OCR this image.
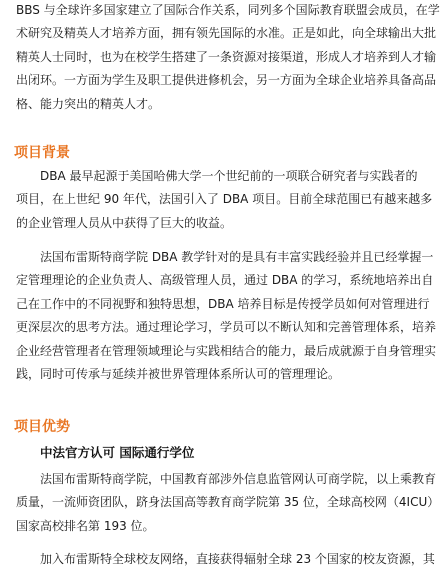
BBS 与全球许多国家建立了国际合作关系，同列多个国际教育联盟会成员，在学
术研究及精英人才培养方面，拥有领先国际的水准。正是如此，向全球输出大批
精英人士同时，也为在校学生搭建了一条资源对接渠道，形成人才培养到人才输
出闭环。一方面为学生及职工提供进修机会，另一方面为全球企业培养具备高品
格、能力突出的精英人才。
项目背景
DBA 最早起源于美国哈佛大学一个世纪前的一项联合研究者与实践者的
项目，在上世纪 90 年代，法国引入了 DBA 项目。目前全球范围已有越来越多
的企业管理人员从中获得了巨大的收益。
法国布雷斯特商学院 DBA 教学针对的是具有丰富实践经验并且已经掌握一
定管理理论的企业负责人、高级管理人员，通过 DBA 的学习，系统地培养出自
己在工作中的不同视野和独特思想，DBA 培养目标是传授学员如何对管理进行
更深层次的思考方法。通过理论学习，学员可以不断认知和完善管理体系，培养
企业经营管理者在管理领域理论与实践相结合的能力，最后成就源于自身管理实
践，同时可传承与延续并被世界管理体系所认可的管理理论。
项目优势
中法官方认可 国际通行学位
法国布雷斯特商学院，中国教育部涉外信息监管网认可商学院，以上乘教育
质量，一流师资团队，跻身法国高等教育商学院第 35 位，全球高校网（4ICU）
国家高校排名第 193 位。
加入布雷斯特全球校友网络，直接获得辐射全球 23 个国家的校友资源，其
